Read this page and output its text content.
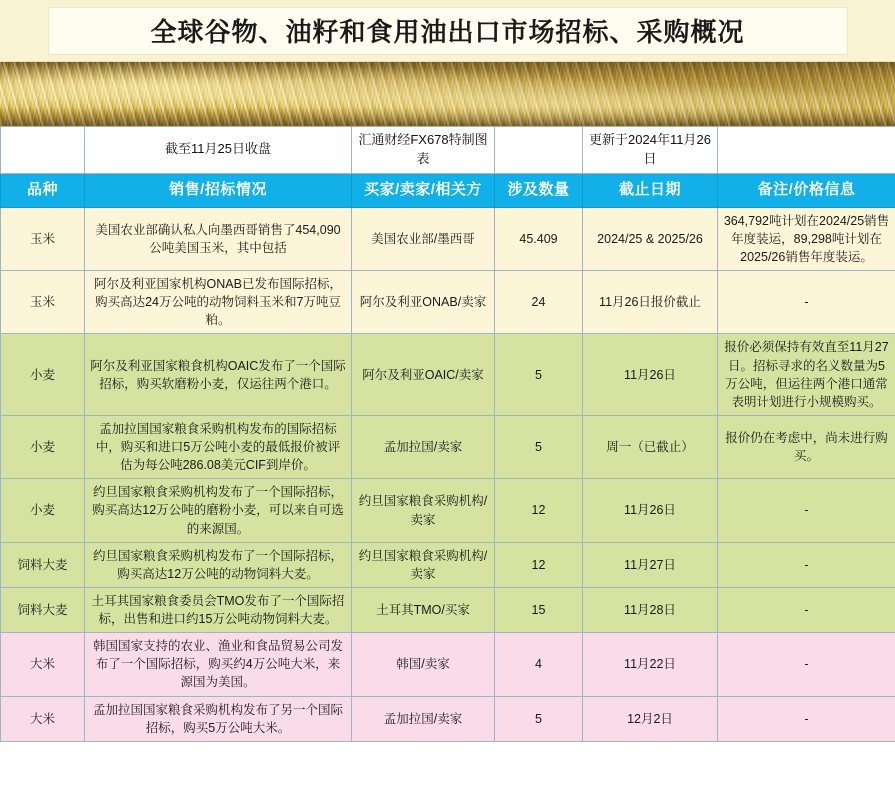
全球谷物、油籽和食用油出口市场招标、采购概况
	截至11月25日收盘	汇通财经FX678特制图表		更新于2024年11月26日	
品种	销售/招标情况	买家/卖家/相关方	涉及数量	截止日期	备注/价格信息
玉米	美国农业部确认私人向墨西哥销售了454,090公吨美国玉米，其中包括	美国农业部/墨西哥	45.409	2024/25 & 2025/26	364,792吨计划在2024/25销售年度装运，89,298吨计划在2025/26销售年度装运。
玉米	阿尔及利亚国家机构ONAB已发布国际招标，购买高达24万公吨的动物饲料玉米和7万吨豆粕。	阿尔及利亚ONAB/卖家	24	11月26日报价截止	-
小麦	阿尔及利亚国家粮食机构OAIC发布了一个国际招标，购买软磨粉小麦，仅运往两个港口。	阿尔及利亚OAIC/卖家	5	11月26日	报价必须保持有效直至11月27日。招标寻求的名义数量为5万公吨，但运往两个港口通常表明计划进行小规模购买。
小麦	孟加拉国国家粮食采购机构发布的国际招标中，购买和进口5万公吨小麦的最低报价被评估为每公吨286.08美元CIF到岸价。	孟加拉国/卖家	5	周一（已截止）	报价仍在考虑中，尚未进行购买。
小麦	约旦国家粮食采购机构发布了一个国际招标，购买高达12万公吨的磨粉小麦，可以来自可选的来源国。	约旦国家粮食采购机构/卖家	12	11月26日	-
饲料大麦	约旦国家粮食采购机构发布了一个国际招标，购买高达12万公吨的动物饲料大麦。	约旦国家粮食采购机构/卖家	12	11月27日	-
饲料大麦	土耳其国家粮食委员会TMO发布了一个国际招标，出售和进口约15万公吨动物饲料大麦。	土耳其TMO/买家	15	11月28日	-
大米	韩国国家支持的农业、渔业和食品贸易公司发布了一个国际招标，购买约4万公吨大米，来源国为美国。	韩国/卖家	4	11月22日	-
大米	孟加拉国国家粮食采购机构发布了另一个国际招标，购买5万公吨大米。	孟加拉国/卖家	5	12月2日	-
FX678
